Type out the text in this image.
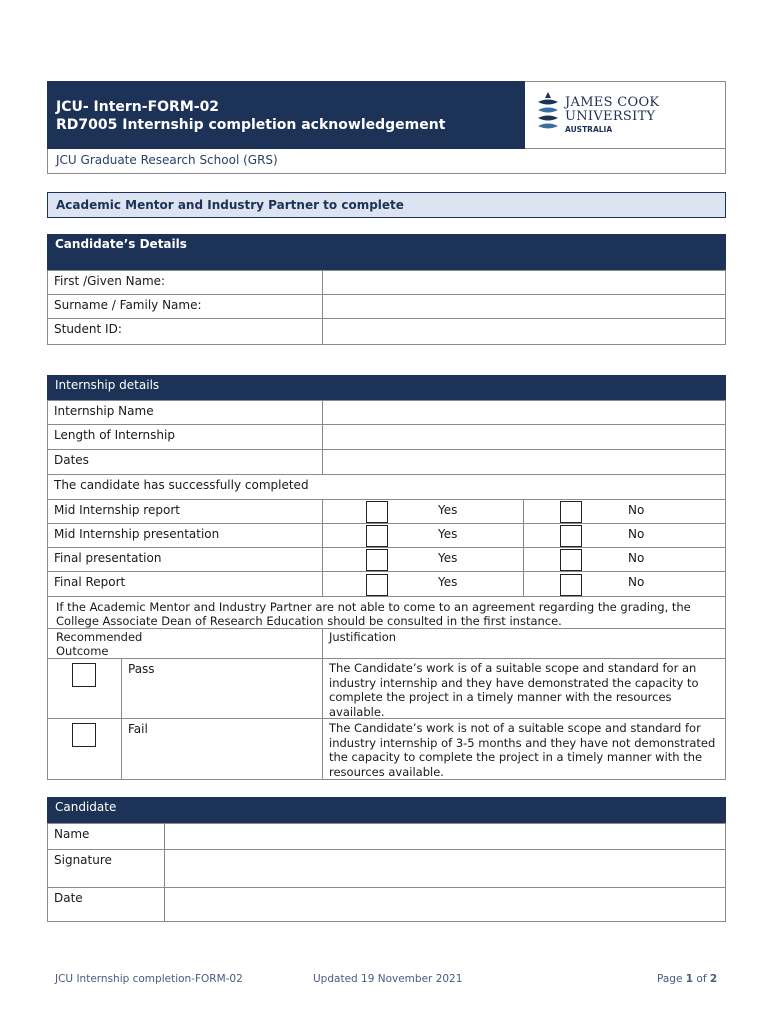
JCU- Intern-FORM-02
RD7005 Internship completion acknowledgement
JAMES COOK
UNIVERSITY
AUSTRALIA
JCU Graduate Research School (GRS)
Academic Mentor and Industry Partner to complete
Candidate’s Details
First /Given Name:
Surname / Family Name:
Student ID:
Internship details
Internship Name
Length of Internship
Dates
The candidate has successfully completed
Mid Internship report	Yes	No
Mid Internship presentation	Yes	No
Final presentation	Yes	No
Final Report	Yes	No
If the Academic Mentor and Industry Partner are not able to come to an agreement regarding the grading, the College Associate Dean of Research Education should be consulted in the first instance.
Recommended Outcome
Justification
Pass	The Candidate’s work is of a suitable scope and standard for an industry internship and they have demonstrated the capacity to complete the project in a timely manner with the resources available.
Fail	The Candidate’s work is not of a suitable scope and standard for industry internship of 3-5 months and they have not demonstrated the capacity to complete the project in a timely manner with the resources available.
Candidate
Name
Signature
Date
JCU Internship completion-FORM-02	Updated 19 November 2021	Page 1 of 2
